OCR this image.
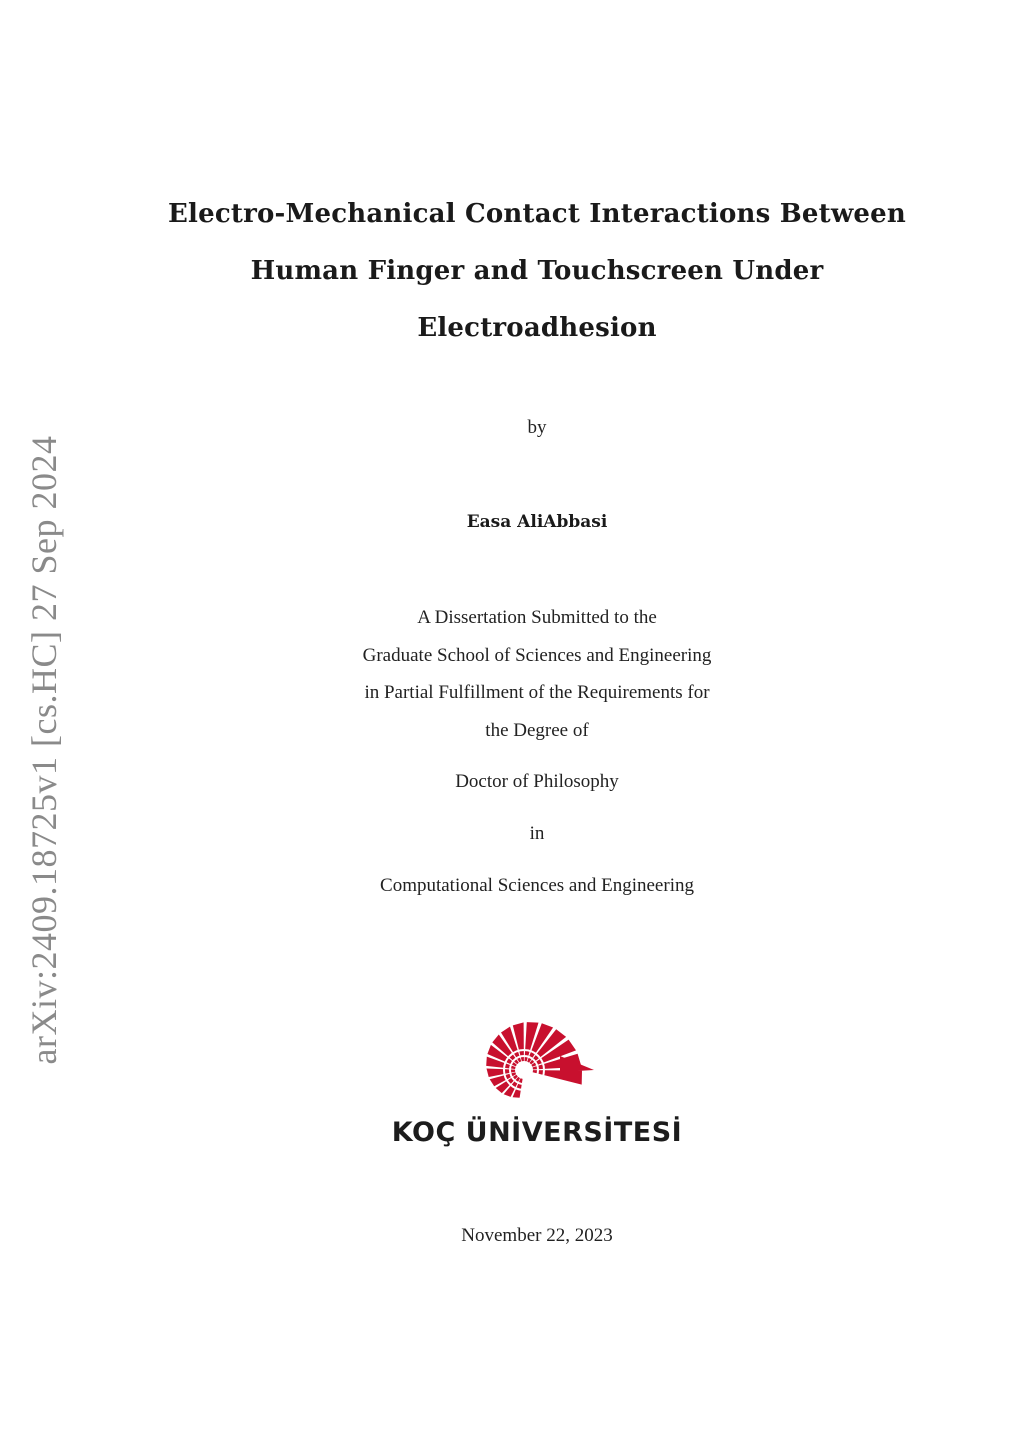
arXiv:2409.18725v1 [cs.HC] 27 Sep 2024
Electro-Mechanical Contact Interactions Between
Human Finger and Touchscreen Under
Electroadhesion
by
Easa AliAbbasi
A Dissertation Submitted to the
Graduate School of Sciences and Engineering
in Partial Fulfillment of the Requirements for
the Degree of
Doctor of Philosophy
in
Computational Sciences and Engineering
KOÇ ÜNİVERSİTESİ
November 22, 2023
